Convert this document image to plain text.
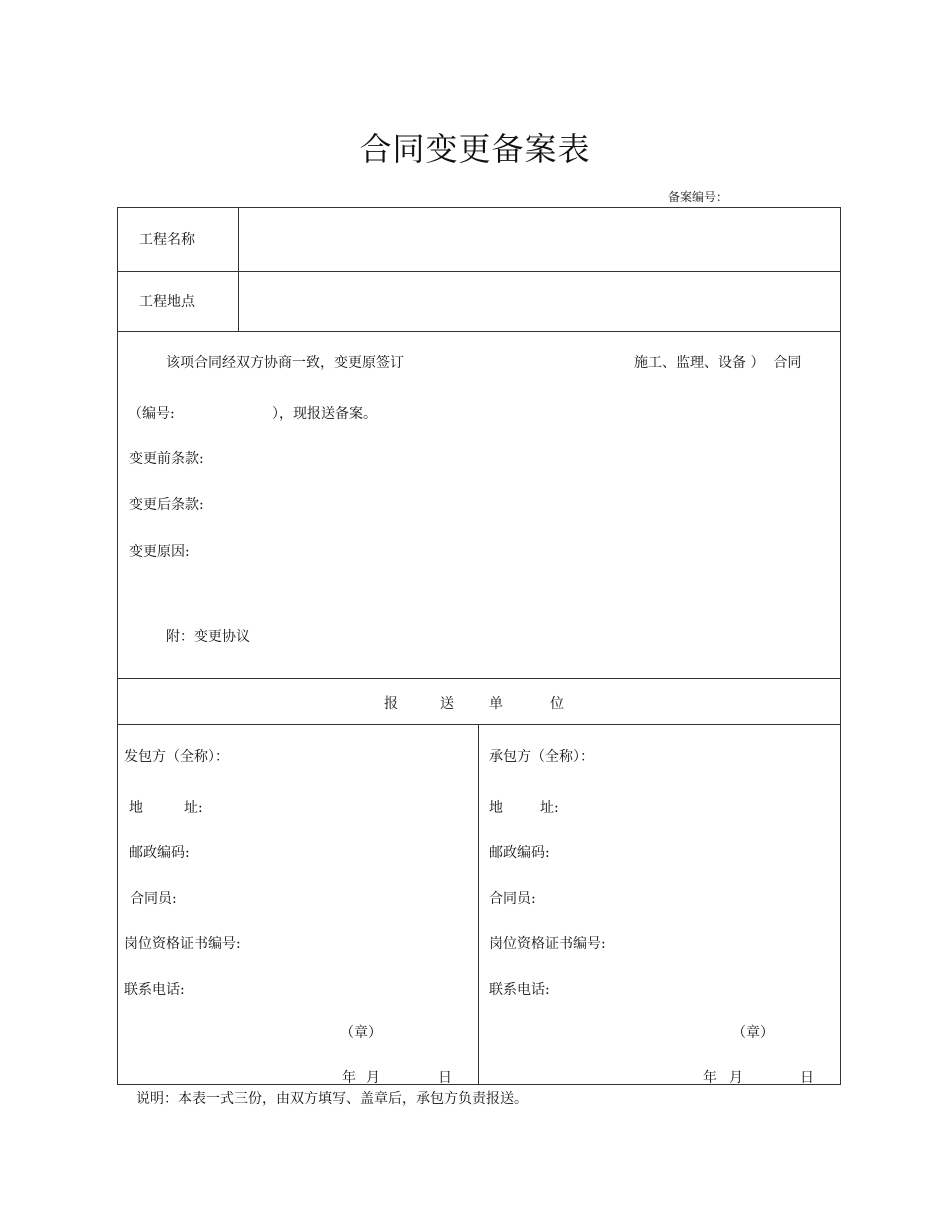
合同变更备案表
备案编号：
工程名称
工程地点
该项合同经双方协商一致，变更原签订	施工、监理、设备 ）  合同
（编号:	），现报送备案。
变更前条款:
变更后条款:
变更原因:
附：变更协议
报	送	单	位
发包方（全称）：
地	址:
邮政编码:
合同员:
岗位资格证书编号:
联系电话:
（章）
年 月	日
承包方（全称）：
地	址:
邮政编码:
合同员:
岗位资格证书编号:
联系电话:
（章）
年 月	日
说明：本表一式三份，由双方填写、盖章后，承包方负责报送。
